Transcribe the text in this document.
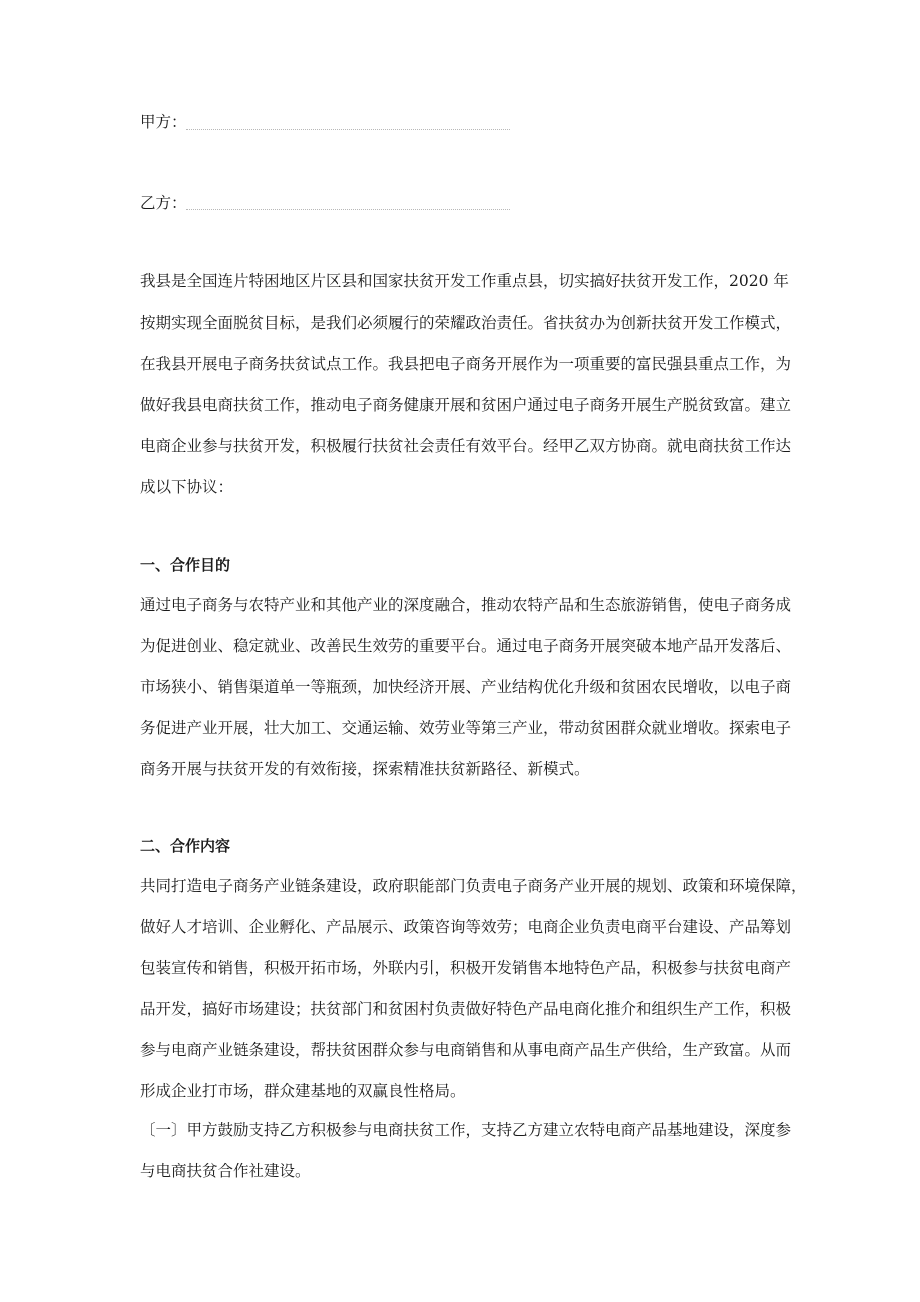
甲方：
乙方：
我县是全国连片特困地区片区县和国家扶贫开发工作重点县，切实搞好扶贫开发工作，2020 年
按期实现全面脱贫目标，是我们必须履行的荣耀政治责任。省扶贫办为创新扶贫开发工作模式，
在我县开展电子商务扶贫试点工作。我县把电子商务开展作为一项重要的富民强县重点工作，为
做好我县电商扶贫工作，推动电子商务健康开展和贫困户通过电子商务开展生产脱贫致富。建立
电商企业参与扶贫开发，积极履行扶贫社会责任有效平台。经甲乙双方协商。就电商扶贫工作达
成以下协议：
一、合作目的
通过电子商务与农特产业和其他产业的深度融合，推动农特产品和生态旅游销售，使电子商务成
为促进创业、稳定就业、改善民生效劳的重要平台。通过电子商务开展突破本地产品开发落后、
市场狭小、销售渠道单一等瓶颈，加快经济开展、产业结构优化升级和贫困农民增收，以电子商
务促进产业开展，壮大加工、交通运输、效劳业等第三产业，带动贫困群众就业增收。探索电子
商务开展与扶贫开发的有效衔接，探索精准扶贫新路径、新模式。
二、合作内容
共同打造电子商务产业链条建设，政府职能部门负责电子商务产业开展的规划、政策和环境保障，
做好人才培训、企业孵化、产品展示、政策咨询等效劳；电商企业负责电商平台建设、产品筹划
包装宣传和销售，积极开拓市场，外联内引，积极开发销售本地特色产品，积极参与扶贫电商产
品开发，搞好市场建设；扶贫部门和贫困村负责做好特色产品电商化推介和组织生产工作，积极
参与电商产业链条建设，帮扶贫困群众参与电商销售和从事电商产品生产供给，生产致富。从而
形成企业打市场，群众建基地的双赢良性格局。
〔一〕甲方鼓励支持乙方积极参与电商扶贫工作，支持乙方建立农特电商产品基地建设，深度参
与电商扶贫合作社建设。
